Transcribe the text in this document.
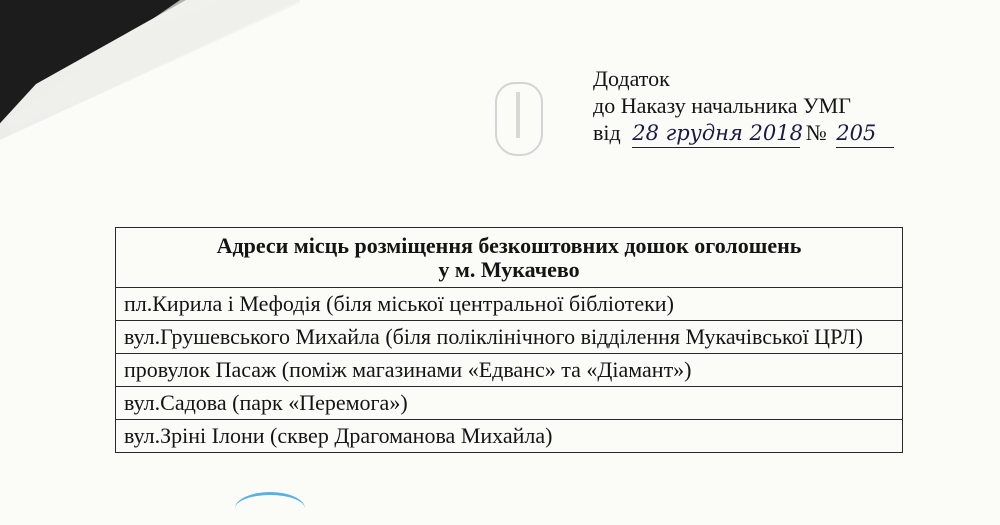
Додаток
до Наказу начальника УМГ
від 28 грудня 2018 № 205
Адреси місць розміщення безкоштовних дошок оголошень
у м. Мукачево

пл.Кирила і Мефодія (біля міської центральної бібліотеки)
вул.Грушевського Михайла (біля поліклінічного відділення Мукачівської ЦРЛ)
провулок Пасаж (поміж магазинами «Едванс» та «Діамант»)
вул.Садова (парк «Перемога»)
вул.Зріні Ілони (сквер Драгоманова Михайла)
